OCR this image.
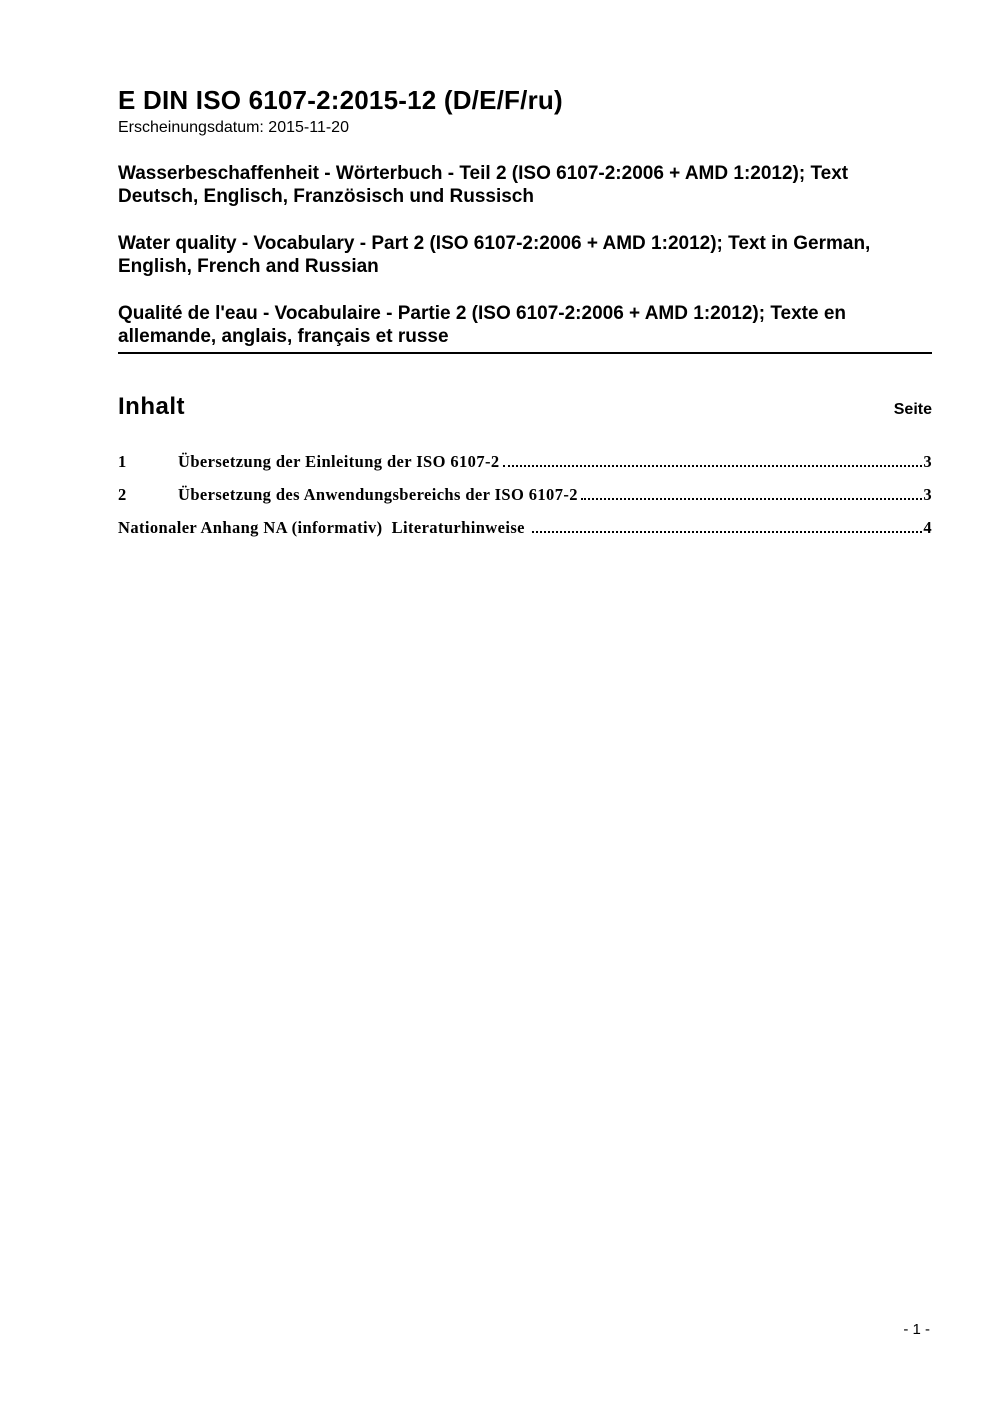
E DIN ISO 6107-2:2015-12 (D/E/F/ru)
Erscheinungsdatum: 2015-11-20
Wasserbeschaffenheit - Wörterbuch - Teil 2 (ISO 6107-2:2006 + AMD 1:2012); Text
Deutsch, Englisch, Französisch und Russisch
Water quality - Vocabulary - Part 2 (ISO 6107-2:2006 + AMD 1:2012); Text in German,
English, French and Russian
Qualité de l'eau - Vocabulaire - Partie 2 (ISO 6107-2:2006 + AMD 1:2012); Texte en
allemande, anglais, français et russe
Inhalt	Seite
1	Übersetzung der Einleitung der ISO 6107-2	3
2	Übersetzung des Anwendungsbereichs der ISO 6107-2	3
Nationaler Anhang NA (informativ)  Literaturhinweise	4
- 1 -
